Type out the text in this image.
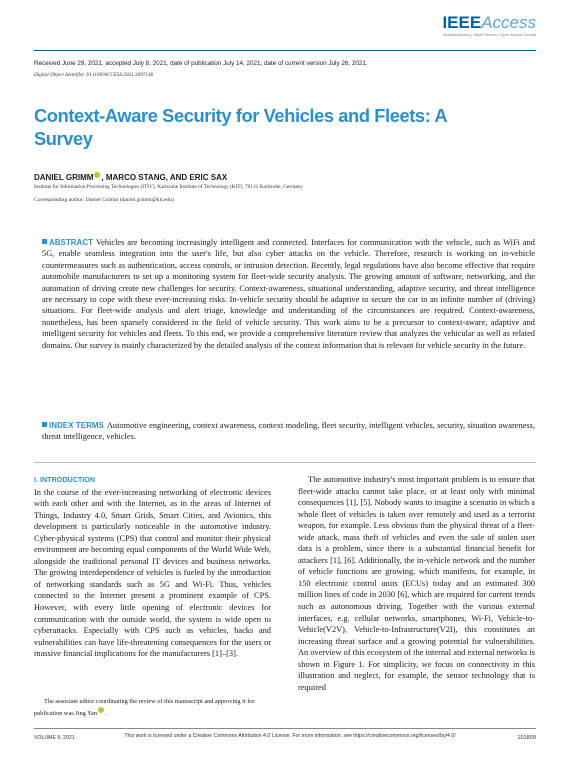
IEEEAccess
Multidisciplinary | Rapid Review | Open Access Journal
Received June 29, 2021, accepted July 8, 2021, date of publication July 14, 2021, date of current version July 26, 2021.
Digital Object Identifier 10.1109/ACCESS.2021.3097146
Context-Aware Security for Vehicles and Fleets: A Survey
DANIEL GRIMM , MARCO STANG, AND ERIC SAX
Institute for Information Processing Technologies (ITIV), Karlsruhe Institute of Technology (KIT), 76131 Karlsruhe, Germany
Corresponding author: Daniel Grimm (daniel.grimm@kit.edu)
ABSTRACT Vehicles are becoming increasingly intelligent and connected. Interfaces for communication with the vehicle, such as WiFi and 5G, enable seamless integration into the user's life, but also cyber attacks on the vehicle. Therefore, research is working on in-vehicle countermeasures such as authentication, access controls, or intrusion detection. Recently, legal regulations have also become effective that require automobile manufacturers to set up a monitoring system for fleet-wide security analysis. The growing amount of software, networking, and the automation of driving create new challenges for security. Context-awareness, situational understanding, adaptive security, and threat intelligence are necessary to cope with these ever-increasing risks. In-vehicle security should be adaptive to secure the car in an infinite number of (driving) situations. For fleet-wide analysis and alert triage, knowledge and understanding of the circumstances are required. Context-awareness, nonetheless, has been sparsely considered in the field of vehicle security. This work aims to be a precursor to context-aware, adaptive and intelligent security for vehicles and fleets. To this end, we provide a comprehensive literature review that analyzes the vehicular as well as related domains. Our survey is mainly characterized by the detailed analysis of the context information that is relevant for vehicle security in the future.
INDEX TERMS Automotive engineering, context awareness, context modeling, fleet security, intelligent vehicles, security, situation awareness, threat intelligence, vehicles.
I. INTRODUCTION

In the course of the ever-increasing networking of electronic devices with each other and with the Internet, as in the areas of Internet of Things, Industry 4.0, Smart Grids, Smart Cities, and Avionics, this development is particularly noticeable in the automotive industry. Cyber-physical systems (CPS) that control and monitor their physical environment are becoming equal components of the World Wide Web, alongside the traditional personal IT devices and business networks. The growing interdependence of vehicles is fueled by the introduction of networking standards such as 5G and Wi-Fi. Thus, vehicles connected to the Internet present a prominent example of CPS. However, with every little opening of electronic devices for communication with the outside world, the system is wide open to cyberattacks. Especially with CPS such as vehicles, hacks and vulnerabilities can have life-threatening consequences for the users or massive financial implications for the manufacturers [1]–[3].

The associate editor coordinating the review of this manuscript and approving it for publication was Jing Yan .

The automotive industry's most important problem is to ensure that fleet-wide attacks cannot take place, or at least only with minimal consequences [1], [5]. Nobody wants to imagine a scenario in which a whole fleet of vehicles is taken over remotely and used as a terrorist weapon, for example. Less obvious than the physical threat of a fleet-wide attack, mass theft of vehicles and even the sale of stolen user data is a problem, since there is a substantial financial benefit for attackers [1], [6]. Additionally, the in-vehicle network and the number of vehicle functions are growing, which manifests, for example, in 150 electronic control units (ECUs) today and an estimated 300 million lines of code in 2030 [6], which are required for current trends such as autonomous driving. Together with the various external interfaces, e.g. cellular networks, smartphones, Wi-Fi, Vehicle-to-Vehicle(V2V), Vehicle-to-Infrastructure(V2I), this constitutes an increasing threat surface and a growing potential for vulnerabilities. An overview of this ecosystem of the internal and external networks is shown in Figure 1. For simplicity, we focus on connectivity in this illustration and neglect, for example, the sensor technology that is required

VOLUME 9, 2021	This work is licensed under a Creative Commons Attribution 4.0 License. For more information, see https://creativecommons.org/licenses/by/4.0/	101809
